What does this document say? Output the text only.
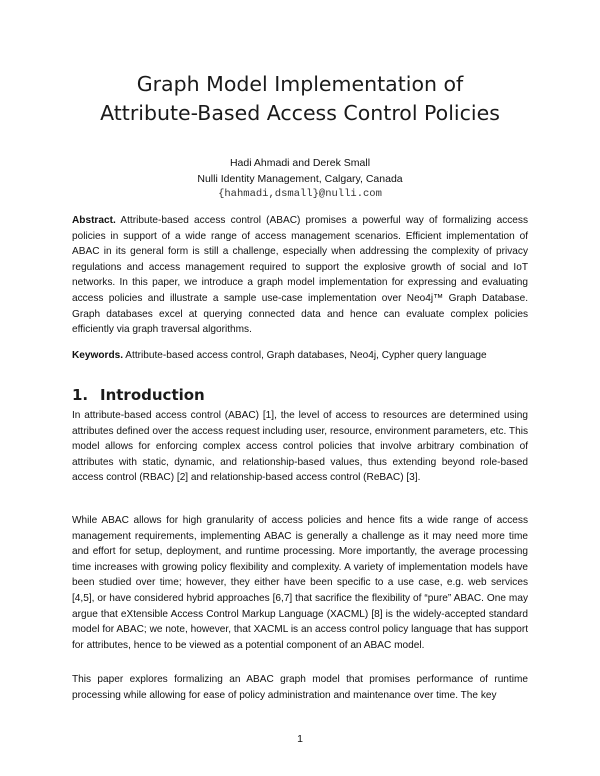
Graph Model Implementation of
Attribute-Based Access Control Policies
Hadi Ahmadi and Derek Small
Nulli Identity Management, Calgary, Canada
{hahmadi,dsmall}@nulli.com

Abstract. Attribute-based access control (ABAC) promises a powerful way of formalizing access policies in support of a wide range of access management scenarios. Efficient implementation of ABAC in its general form is still a challenge, especially when addressing the complexity of privacy regulations and access management required to support the explosive growth of social and IoT networks. In this paper, we introduce a graph model implementation for expressing and evaluating access policies and illustrate a sample use-case implementation over Neo4j™ Graph Database. Graph databases excel at querying connected data and hence can evaluate complex policies efficiently via graph traversal algorithms.

Keywords. Attribute-based access control, Graph databases, Neo4j, Cypher query language

1. Introduction

In attribute-based access control (ABAC) [1], the level of access to resources are determined using attributes defined over the access request including user, resource, environment parameters, etc. This model allows for enforcing complex access control policies that involve arbitrary combination of attributes with static, dynamic, and relationship-based values, thus extending beyond role-based access control (RBAC) [2] and relationship-based access control (ReBAC) [3].

While ABAC allows for high granularity of access policies and hence fits a wide range of access management requirements, implementing ABAC is generally a challenge as it may need more time and effort for setup, deployment, and runtime processing. More importantly, the average processing time increases with growing policy flexibility and complexity. A variety of implementation models have been studied over time; however, they either have been specific to a use case, e.g. web services [4,5], or have considered hybrid approaches [6,7] that sacrifice the flexibility of “pure” ABAC. One may argue that eXtensible Access Control Markup Language (XACML) [8] is the widely-accepted standard model for ABAC; we note, however, that XACML is an access control policy language that has support for attributes, hence to be viewed as a potential component of an ABAC model.

This paper explores formalizing an ABAC graph model that promises performance of runtime processing while allowing for ease of policy administration and maintenance over time. The key

1
